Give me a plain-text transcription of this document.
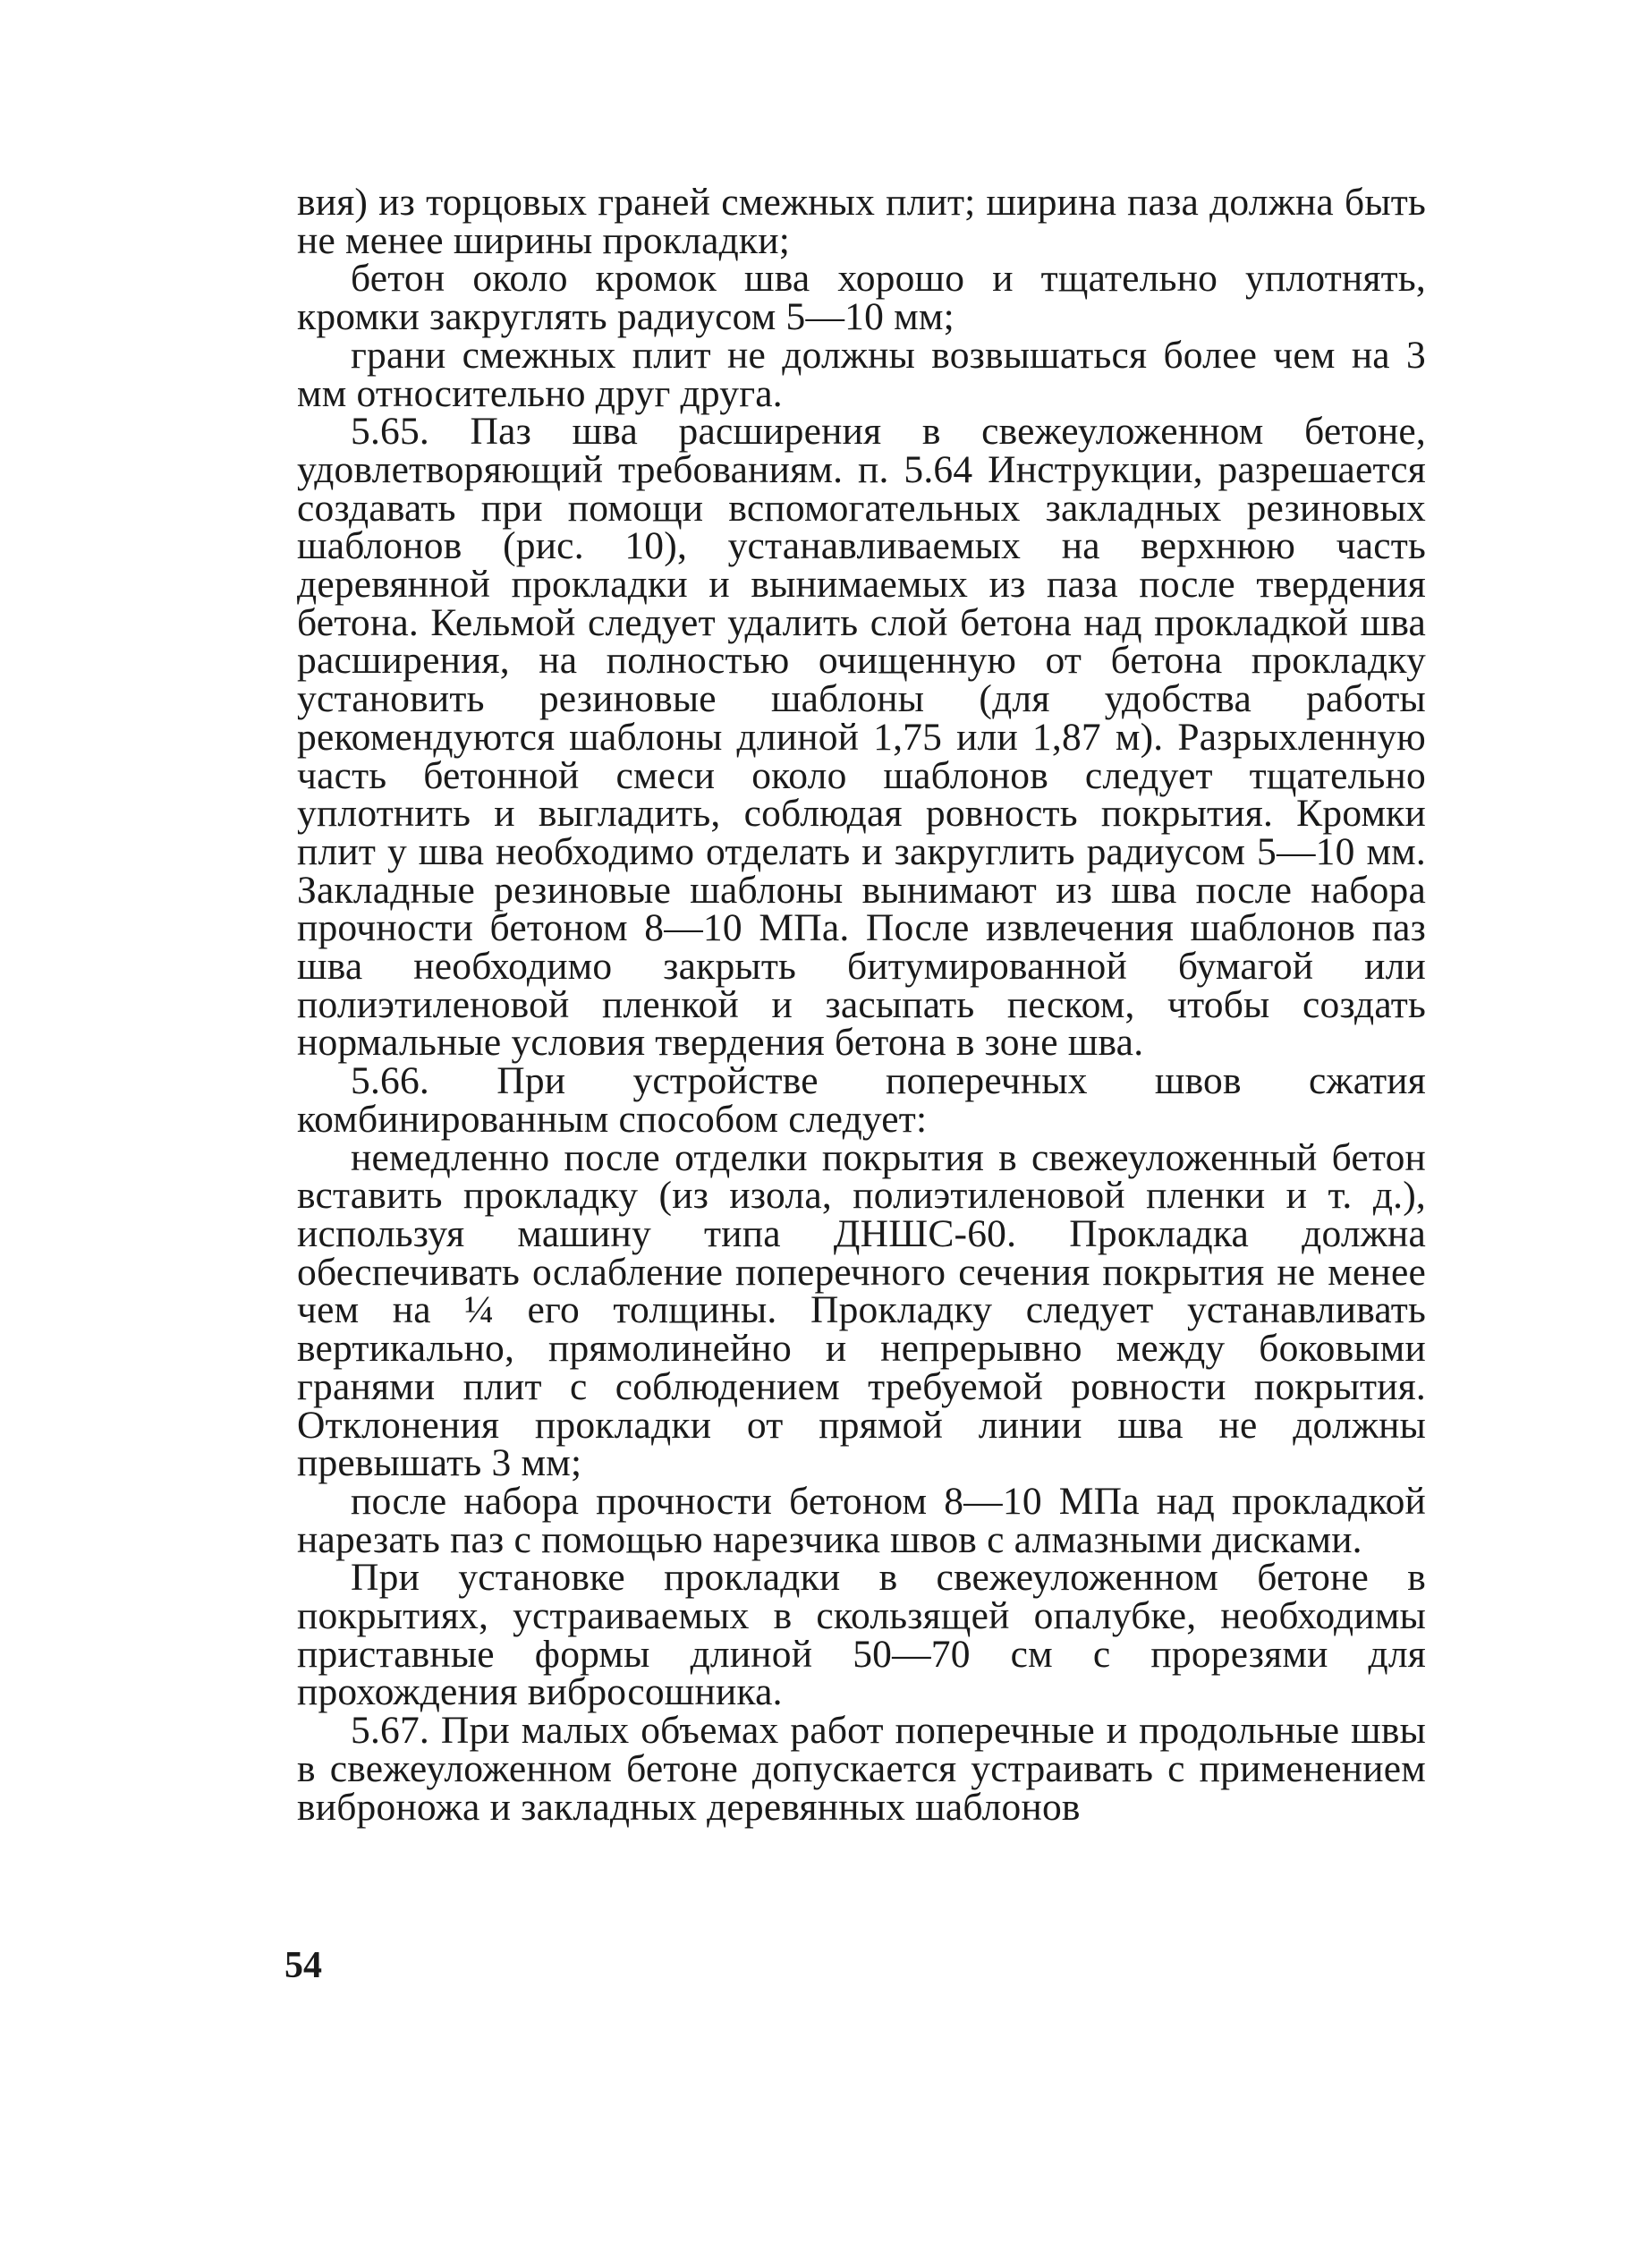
вия) из торцовых граней смежных плит; ширина паза должна быть не менее ширины прокладки;

бетон около кромок шва хорошо и тщательно уплотнять, кромки закруглять радиусом 5—10 мм;

грани смежных плит не должны возвышаться более чем на 3 мм относительно друг друга.

5.65. Паз шва расширения в свежеуложенном бетоне, удовлетворяющий требованиям. п. 5.64 Инструкции, разрешается создавать при помощи вспомогательных закладных резиновых шаблонов (рис. 10), устанавливаемых на верхнюю часть деревянной прокладки и вынимаемых из паза после твердения бетона. Кельмой следует удалить слой бетона над прокладкой шва расширения, на полностью очищенную от бетона прокладку установить резиновые шаблоны (для удобства работы рекомендуются шаблоны длиной 1,75 или 1,87 м). Разрыхленную часть бетонной смеси около шаблонов следует тщательно уплотнить и выгладить, соблюдая ровность покрытия. Кромки плит у шва необходимо отделать и закруглить радиусом 5—10 мм. Закладные резиновые шаблоны вынимают из шва после набора прочности бетоном 8—10 МПа. После извлечения шаблонов паз шва необходимо закрыть битумированной бумагой или полиэтиленовой пленкой и засыпать песком, чтобы создать нормальные условия твердения бетона в зоне шва.

5.66. При устройстве поперечных швов сжатия комбинированным способом следует:

немедленно после отделки покрытия в свежеуложенный бетон вставить прокладку (из изола, полиэтиленовой пленки и т. д.), используя машину типа ДНШС-60. Прокладка должна обеспечивать ослабление поперечного сечения покрытия не менее чем на ¼ его толщины. Прокладку следует устанавливать вертикально, прямолинейно и непрерывно между боковыми гранями плит с соблюдением требуемой ровности покрытия. Отклонения прокладки от прямой линии шва не должны превышать 3 мм;

после набора прочности бетоном 8—10 МПа над прокладкой нарезать паз с помощью нарезчика швов с алмазными дисками.

При установке прокладки в свежеуложенном бетоне в покрытиях, устраиваемых в скользящей опалубке, необходимы приставные формы длиной 50—70 см с прорезями для прохождения вибросошника.

5.67. При малых объемах работ поперечные и продольные швы в свежеуложенном бетоне допускается устраивать с применением виброножа и закладных деревянных шаблонов

54
